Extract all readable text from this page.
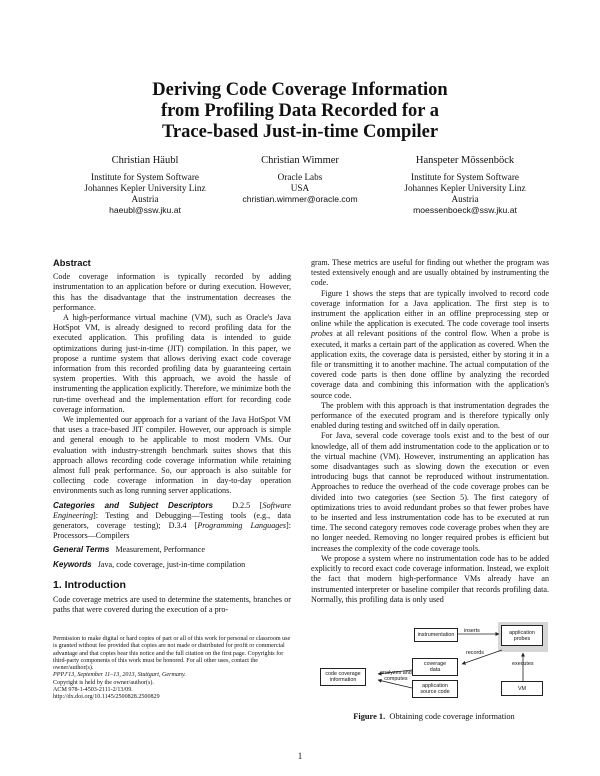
Deriving Code Coverage Information
from Profiling Data Recorded for a
Trace-based Just-in-time Compiler
Christian Häubl
Institute for System Software
Johannes Kepler University Linz
Austria
haeubl@ssw.jku.at
Christian Wimmer
Oracle Labs
USA
christian.wimmer@oracle.com
Hanspeter Mössenböck
Institute for System Software
Johannes Kepler University Linz
Austria
moessenboeck@ssw.jku.at
Abstract

Code coverage information is typically recorded by adding instrumentation to an application before or during execution. However, this has the disadvantage that the instrumentation decreases the performance.

A high-performance virtual machine (VM), such as Oracle's Java HotSpot VM, is already designed to record profiling data for the executed application. This profiling data is intended to guide optimizations during just-in-time (JIT) compilation. In this paper, we propose a runtime system that allows deriving exact code coverage information from this recorded profiling data by guaranteeing certain system properties. With this approach, we avoid the hassle of instrumenting the application explicitly. Therefore, we minimize both the run-time overhead and the implementation effort for recording code coverage information.

We implemented our approach for a variant of the Java HotSpot VM that uses a trace-based JIT compiler. However, our approach is simple and general enough to be applicable to most modern VMs. Our evaluation with industry-strength benchmark suites shows that this approach allows recording code coverage information while retaining almost full peak performance. So, our approach is also suitable for collecting code coverage information in day-to-day operation environments such as long running server applications.

Categories and Subject Descriptors D.2.5 [Software Engineering]: Testing and Debugging—Testing tools (e.g., data generators, coverage testing); D.3.4 [Programming Languages]: Processors—Compilers

General Terms Measurement, Performance

Keywords Java, code coverage, just-in-time compilation

1. Introduction

Code coverage metrics are used to determine the statements, branches or paths that were covered during the execution of a pro-

Permission to make digital or hard copies of part or all of this work for personal or classroom use is granted without fee provided that copies are not made or distributed for profit or commercial advantage and that copies bear this notice and the full citation on the first page. Copyrights for third-party components of this work must be honored. For all other uses, contact the owner/author(s).

PPPJ'13, September 11–13, 2013, Stuttgart, Germany.

Copyright is held by the owner/author(s).

ACM 978-1-4503-2111-2/13/09.

http://dx.doi.org/10.1145/2500828.2500829

gram. These metrics are useful for finding out whether the program was tested extensively enough and are usually obtained by instrumenting the code.

Figure 1 shows the steps that are typically involved to record code coverage information for a Java application. The first step is to instrument the application either in an offline preprocessing step or online while the application is executed. The code coverage tool inserts probes at all relevant positions of the control flow. When a probe is executed, it marks a certain part of the application as covered. When the application exits, the coverage data is persisted, either by storing it in a file or transmitting it to another machine. The actual computation of the covered code parts is then done offline by analyzing the recorded coverage data and combining this information with the application's source code.

The problem with this approach is that instrumentation degrades the performance of the executed program and is therefore typically only enabled during testing and switched off in daily operation.

For Java, several code coverage tools exist and to the best of our knowledge, all of them add instrumentation code to the application or to the virtual machine (VM). However, instrumenting an application has some disadvantages such as slowing down the execution or even introducing bugs that cannot be reproduced without instrumentation. Approaches to reduce the overhead of the code coverage probes can be divided into two categories (see Section 5). The first category of optimizations tries to avoid redundant probes so that fewer probes have to be inserted and less instrumentation code has to be executed at run time. The second category removes code coverage probes when they are no longer needed. Removing no longer required probes is efficient but increases the complexity of the code coverage tools.

We propose a system where no instrumentation code has to be added explicitly to record exact code coverage information. Instead, we exploit the fact that modern high-performance VMs already have an instrumented interpreter or baseline compiler that records profiling data. Normally, this profiling data is only used

instrumentation
inserts	application
probes
executes
records
coverage
data
analyzes and
computes
code coverage
information
application
source code
VM
Figure 1. Obtaining code coverage information
1
